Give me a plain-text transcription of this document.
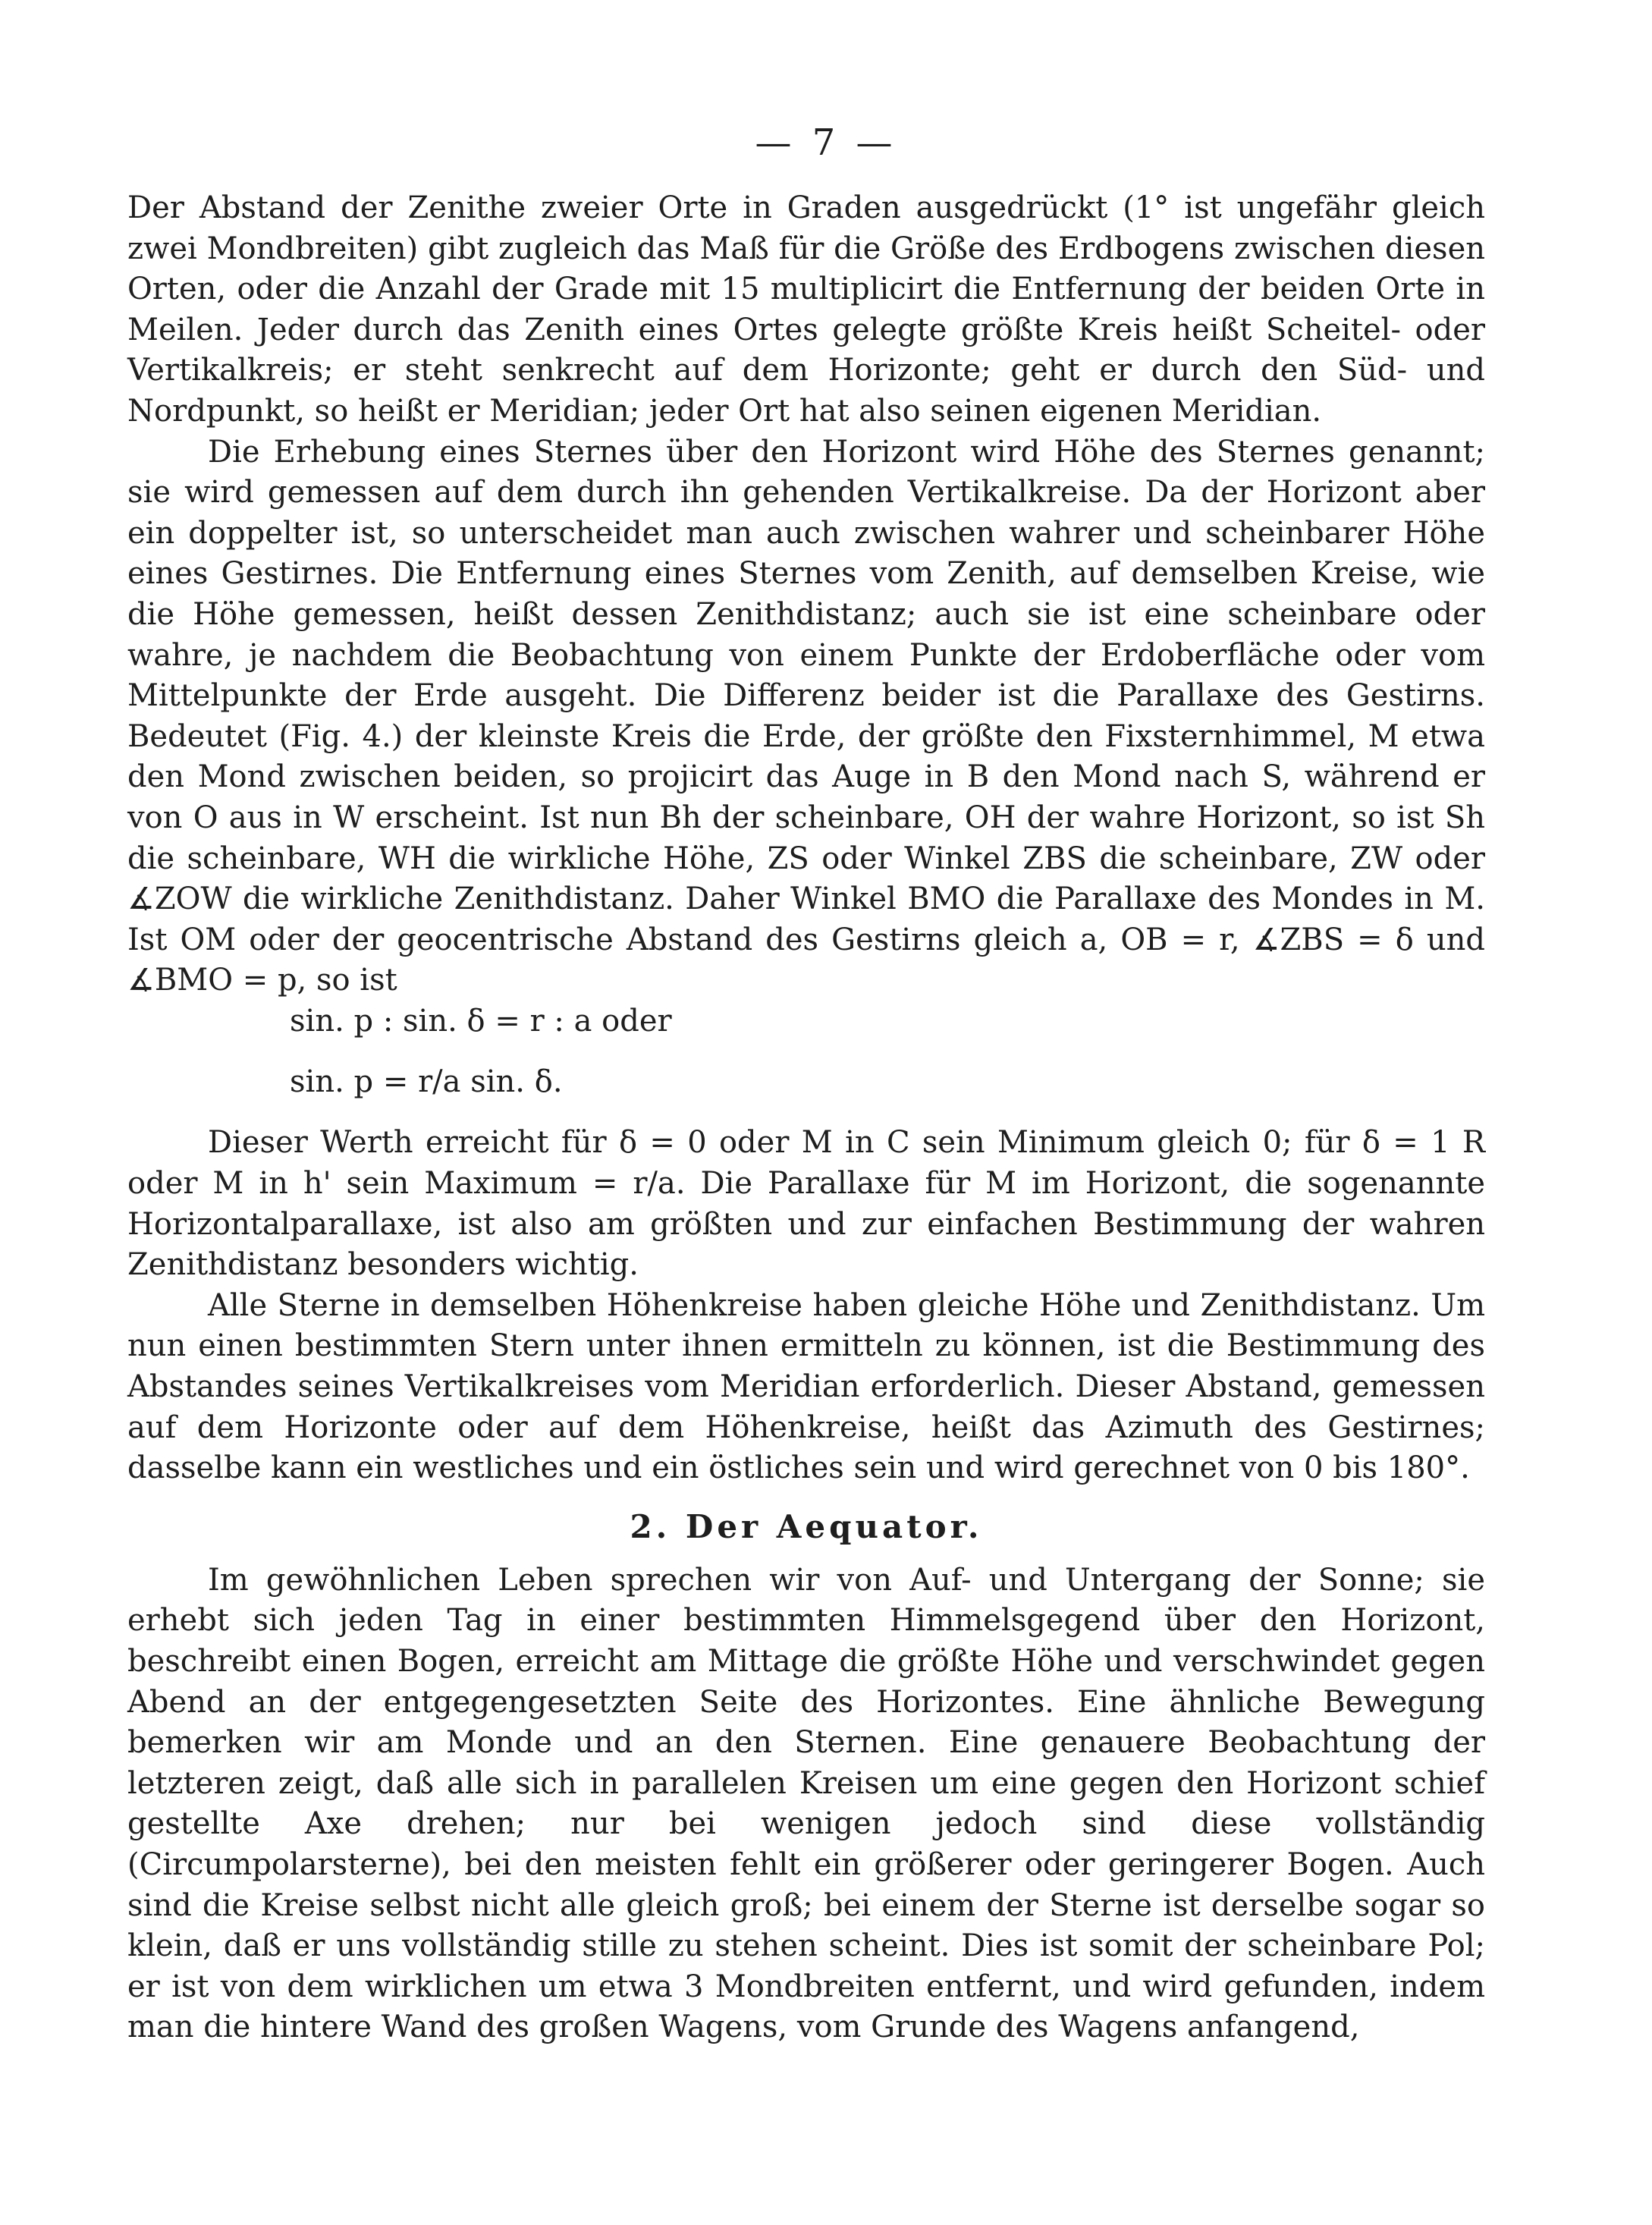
— 7 —

Der Abstand der Zenithe zweier Orte in Graden ausgedrückt (1° ist ungefähr gleich zwei Mondbreiten) gibt zugleich das Maß für die Größe des Erdbogens zwischen diesen Orten, oder die Anzahl der Grade mit 15 multiplicirt die Entfernung der beiden Orte in Meilen. Jeder durch das Zenith eines Ortes gelegte größte Kreis heißt Scheitel- oder Vertikalkreis; er steht senkrecht auf dem Horizonte; geht er durch den Süd- und Nordpunkt, so heißt er Meridian; jeder Ort hat also seinen eigenen Meridian.

Die Erhebung eines Sternes über den Horizont wird Höhe des Sternes genannt; sie wird gemessen auf dem durch ihn gehenden Vertikalkreise. Da der Horizont aber ein doppelter ist, so unterscheidet man auch zwischen wahrer und scheinbarer Höhe eines Gestirnes. Die Entfernung eines Sternes vom Zenith, auf demselben Kreise, wie die Höhe gemessen, heißt dessen Zenithdistanz; auch sie ist eine scheinbare oder wahre, je nachdem die Beobachtung von einem Punkte der Erdoberfläche oder vom Mittelpunkte der Erde ausgeht. Die Differenz beider ist die Parallaxe des Gestirns. Bedeutet (Fig. 4.) der kleinste Kreis die Erde, der größte den Fixsternhimmel, M etwa den Mond zwischen beiden, so projicirt das Auge in B den Mond nach S, während er von O aus in W erscheint. Ist nun Bh der scheinbare, OH der wahre Horizont, so ist Sh die scheinbare, WH die wirkliche Höhe, ZS oder Winkel ZBS die scheinbare, ZW oder ∡ZOW die wirkliche Zenithdistanz. Daher Winkel BMO die Parallaxe des Mondes in M. Ist OM oder der geocentrische Abstand des Gestirns gleich a, OB = r, ∡ZBS = δ und ∡BMO = p, so ist

sin. p : sin. δ = r : a oder

sin. p = r/a sin. δ.

Dieser Werth erreicht für δ = 0 oder M in C sein Minimum gleich 0; für δ = 1 R oder M in h' sein Maximum = r/a. Die Parallaxe für M im Horizont, die sogenannte Horizontalparallaxe, ist also am größten und zur einfachen Bestimmung der wahren Zenithdistanz besonders wichtig.

Alle Sterne in demselben Höhenkreise haben gleiche Höhe und Zenithdistanz. Um nun einen bestimmten Stern unter ihnen ermitteln zu können, ist die Bestimmung des Abstandes seines Vertikalkreises vom Meridian erforderlich. Dieser Abstand, gemessen auf dem Horizonte oder auf dem Höhenkreise, heißt das Azimuth des Gestirnes; dasselbe kann ein westliches und ein östliches sein und wird gerechnet von 0 bis 180°.

2. Der Aequator.

Im gewöhnlichen Leben sprechen wir von Auf- und Untergang der Sonne; sie erhebt sich jeden Tag in einer bestimmten Himmelsgegend über den Horizont, beschreibt einen Bogen, erreicht am Mittage die größte Höhe und verschwindet gegen Abend an der entgegengesetzten Seite des Horizontes. Eine ähnliche Bewegung bemerken wir am Monde und an den Sternen. Eine genauere Beobachtung der letzteren zeigt, daß alle sich in parallelen Kreisen um eine gegen den Horizont schief gestellte Axe drehen; nur bei wenigen jedoch sind diese vollständig (Circumpolarsterne), bei den meisten fehlt ein größerer oder geringerer Bogen. Auch sind die Kreise selbst nicht alle gleich groß; bei einem der Sterne ist derselbe sogar so klein, daß er uns vollständig stille zu stehen scheint. Dies ist somit der scheinbare Pol; er ist von dem wirklichen um etwa 3 Mondbreiten entfernt, und wird gefunden, indem man die hintere Wand des großen Wagens, vom Grunde des Wagens anfangend,
